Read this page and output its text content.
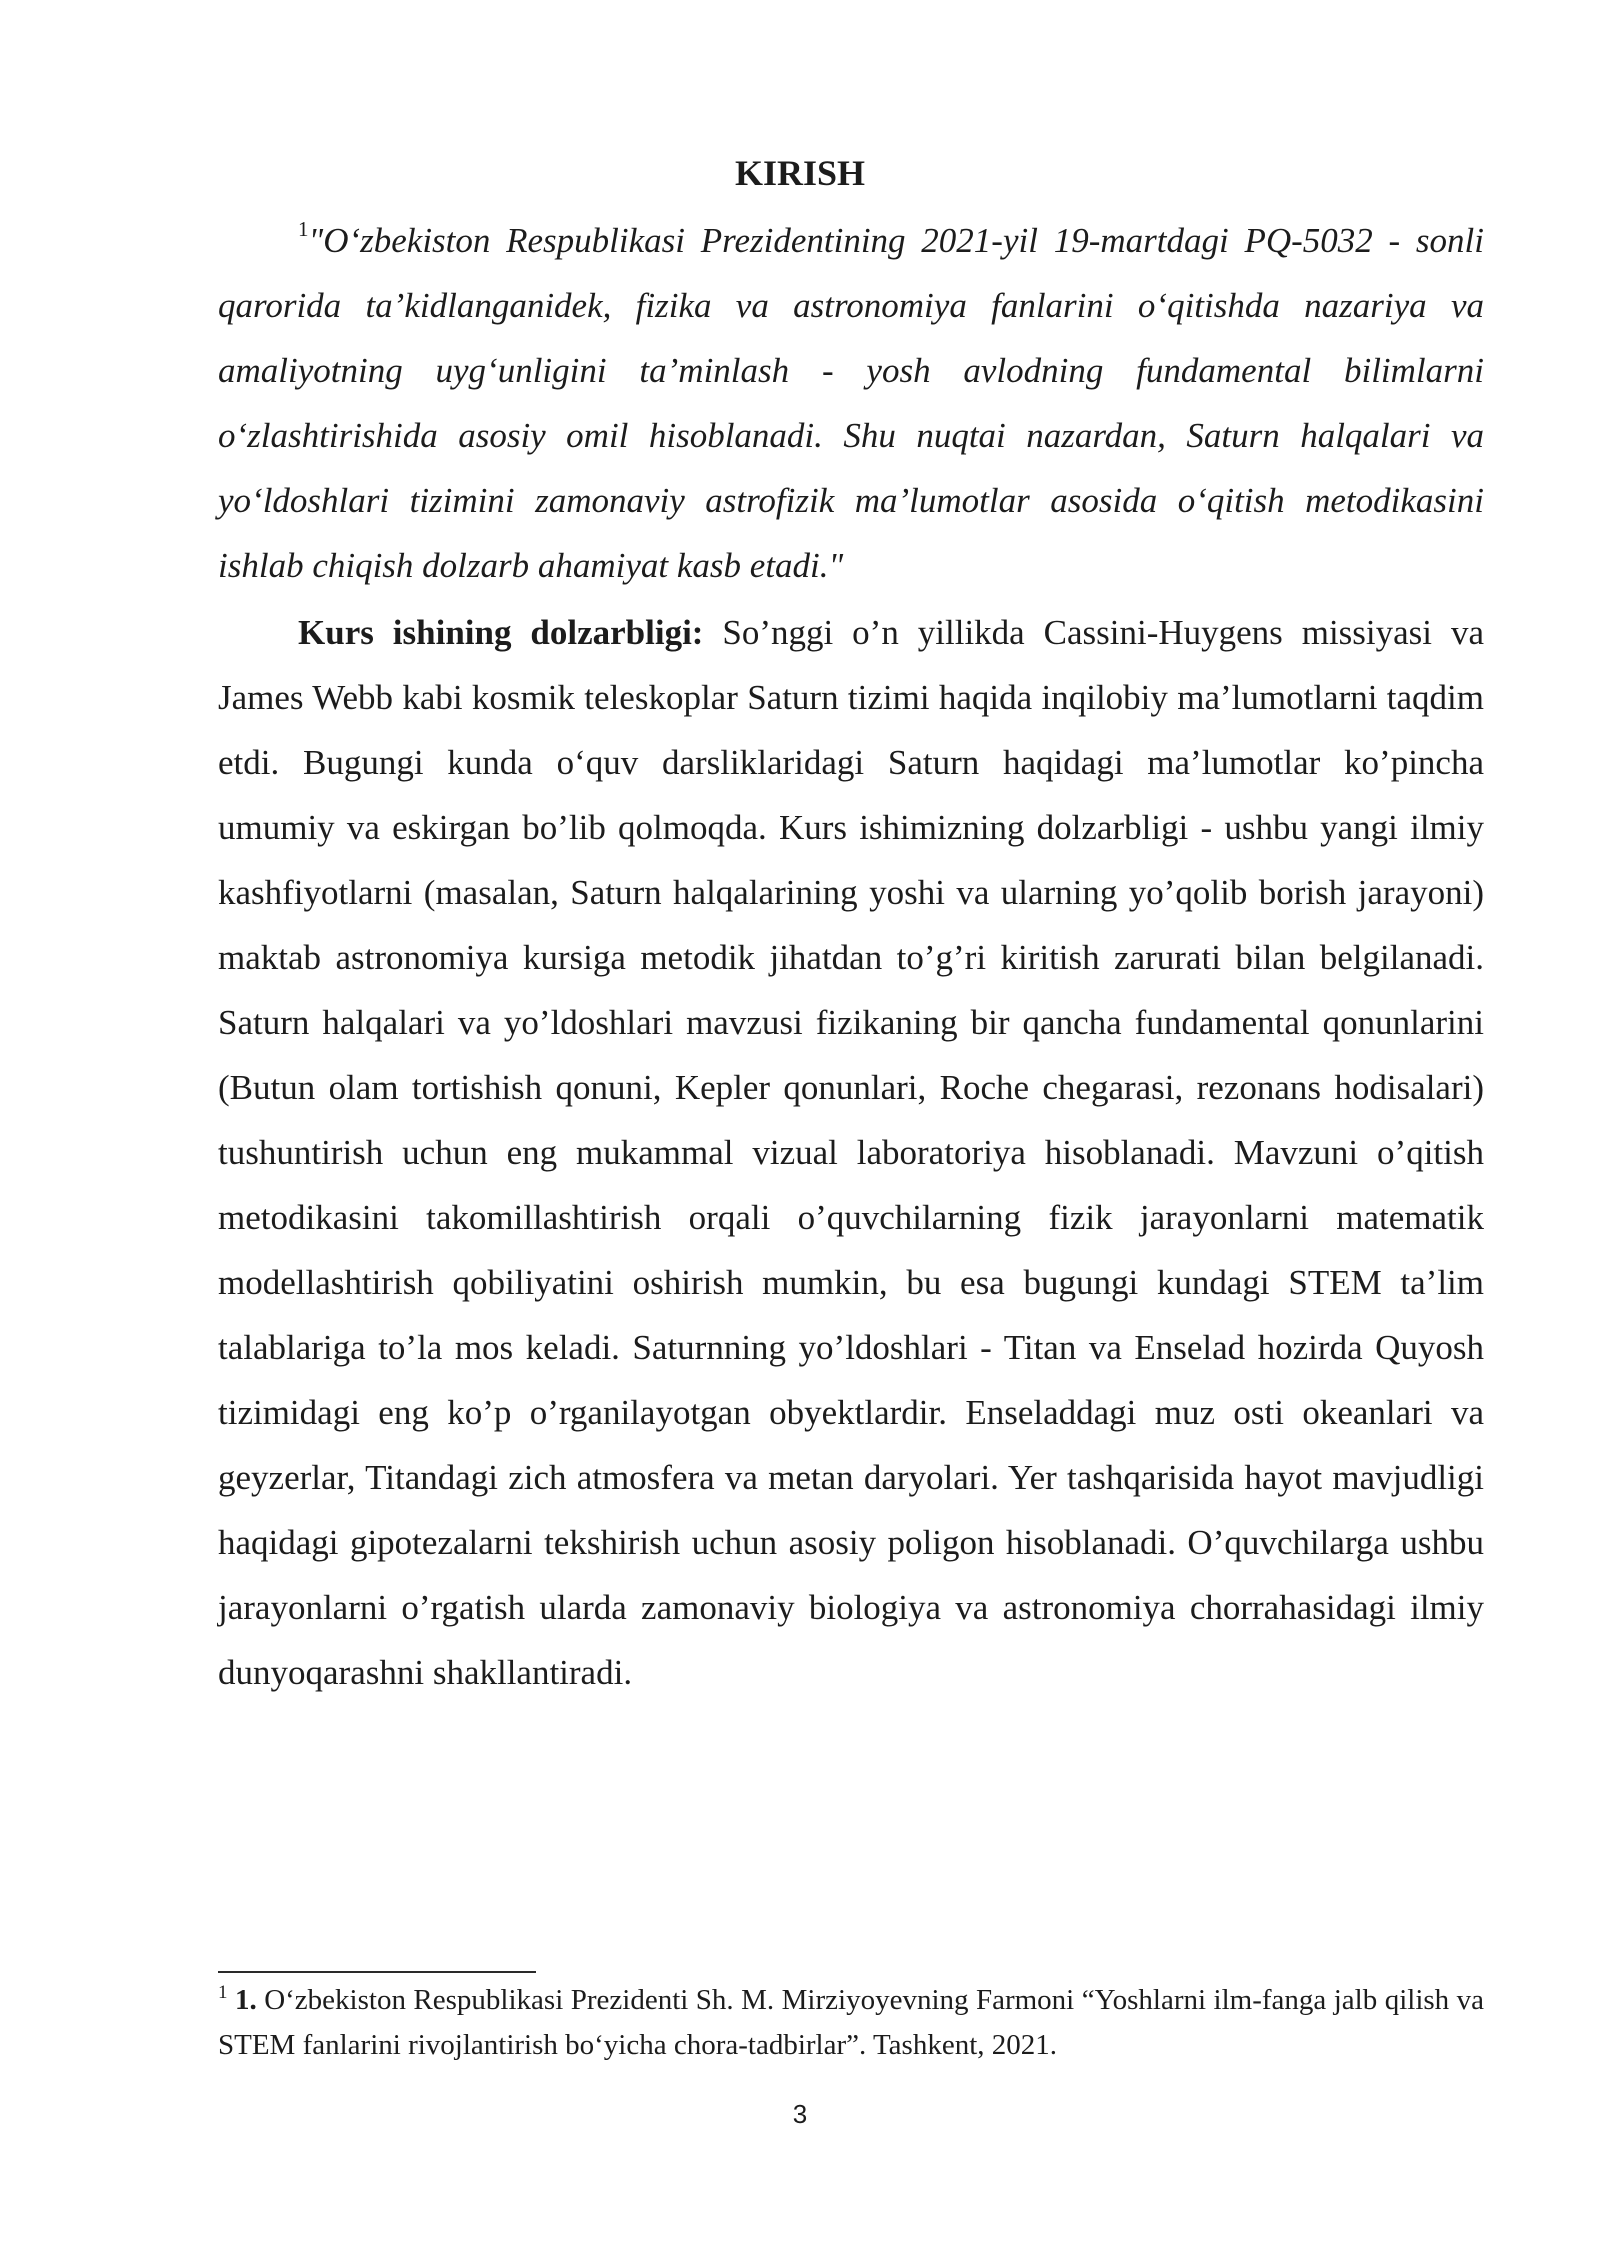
KIRISH

$^1$"O‘zbekiston Respublikasi Prezidentining 2021-yil 19-martdagi PQ-5032 - sonli qarorida ta’kidlanganidek, fizika va astronomiya fanlarini o‘qitishda nazariya va amaliyotning uyg‘unligini ta’minlash - yosh avlodning fundamental bilimlarni o‘zlashtirishida asosiy omil hisoblanadi. Shu nuqtai nazardan, Saturn halqalari va yo‘ldoshlari tizimini zamonaviy astrofizik ma’lumotlar asosida o‘qitish metodikasini ishlab chiqish dolzarb ahamiyat kasb etadi."

Kurs ishining dolzarbligi: So’nggi o’n yillikda Cassini-Huygens missiyasi va James Webb kabi kosmik teleskoplar Saturn tizimi haqida inqilobiy ma’lumotlarni taqdim etdi. Bugungi kunda o‘quv darsliklaridagi Saturn haqidagi ma’lumotlar ko’pincha umumiy va eskirgan bo’lib qolmoqda. Kurs ishimizning dolzarbligi - ushbu yangi ilmiy kashfiyotlarni (masalan, Saturn halqalarining yoshi va ularning yo’qolib borish jarayoni) maktab astronomiya kursiga metodik jihatdan to’g’ri kiritish zarurati bilan belgilanadi. Saturn halqalari va yo’ldoshlari mavzusi fizikaning bir qancha fundamental qonunlarini (Butun olam tortishish qonuni, Kepler qonunlari, Roche chegarasi, rezonans hodisalari) tushuntirish uchun eng mukammal vizual laboratoriya hisoblanadi. Mavzuni o’qitish metodikasini takomillashtirish orqali o’quvchilarning fizik jarayonlarni matematik modellashtirish qobiliyatini oshirish mumkin, bu esa bugungi kundagi STEM ta’lim talablariga to’la mos keladi. Saturnning yo’ldoshlari - Titan va Enselad hozirda Quyosh tizimidagi eng ko’p o’rganilayotgan obyektlardir. Enseladdagi muz osti okeanlari va geyzerlar, Titandagi zich atmosfera va metan daryolari. Yer tashqarisida hayot mavjudligi haqidagi gipotezalarni tekshirish uchun asosiy poligon hisoblanadi. O’quvchilarga ushbu jarayonlarni o’rgatish ularda zamonaviy biologiya va astronomiya chorrahasidagi ilmiy dunyoqarashni shakllantiradi.

$^1$ 1. O‘zbekiston Respublikasi Prezidenti Sh. M. Mirziyoyevning Farmoni “Yoshlarni ilm-fanga jalb qilish va STEM fanlarini rivojlantirish bo‘yicha chora-tadbirlar”. Tashkent, 2021.

3
